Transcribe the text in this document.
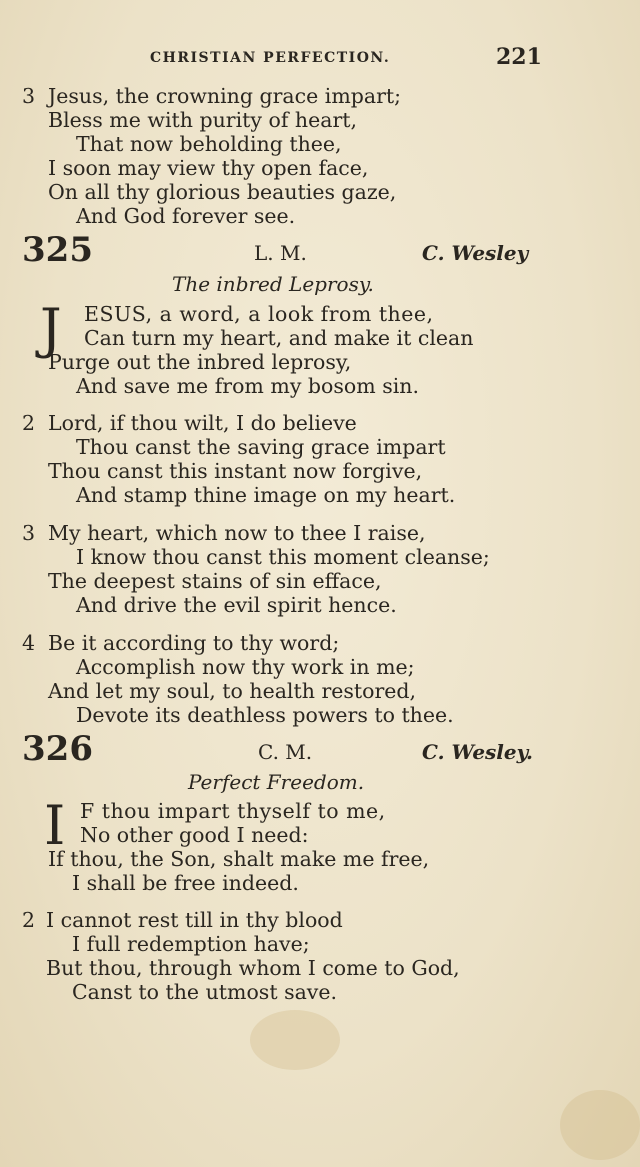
CHRISTIAN PERFECTION.	221
3 Jesus, the crowning grace impart;
Bless me with purity of heart,
That now beholding thee,
I soon may view thy open face,
On all thy glorious beauties gaze,
And God forever see.
325	L. M.	C. Wesley
The inbred Leprosy.
J ESUS, a word, a look from thee,
Can turn my heart, and make it clean
Purge out the inbred leprosy,
And save me from my bosom sin.
2 Lord, if thou wilt, I do believe
Thou canst the saving grace impart
Thou canst this instant now forgive,
And stamp thine image on my heart.
3 My heart, which now to thee I raise,
I know thou canst this moment cleanse;
The deepest stains of sin efface,
And drive the evil spirit hence.
4 Be it according to thy word;
Accomplish now thy work in me;
And let my soul, to health restored,
Devote its deathless powers to thee.
326	C. M.	C. Wesley.
Perfect Freedom.
I F thou impart thyself to me,
No other good I need:
If thou, the Son, shalt make me free,
I shall be free indeed.
2 I cannot rest till in thy blood
I full redemption have;
But thou, through whom I come to God,
Canst to the utmost save.
